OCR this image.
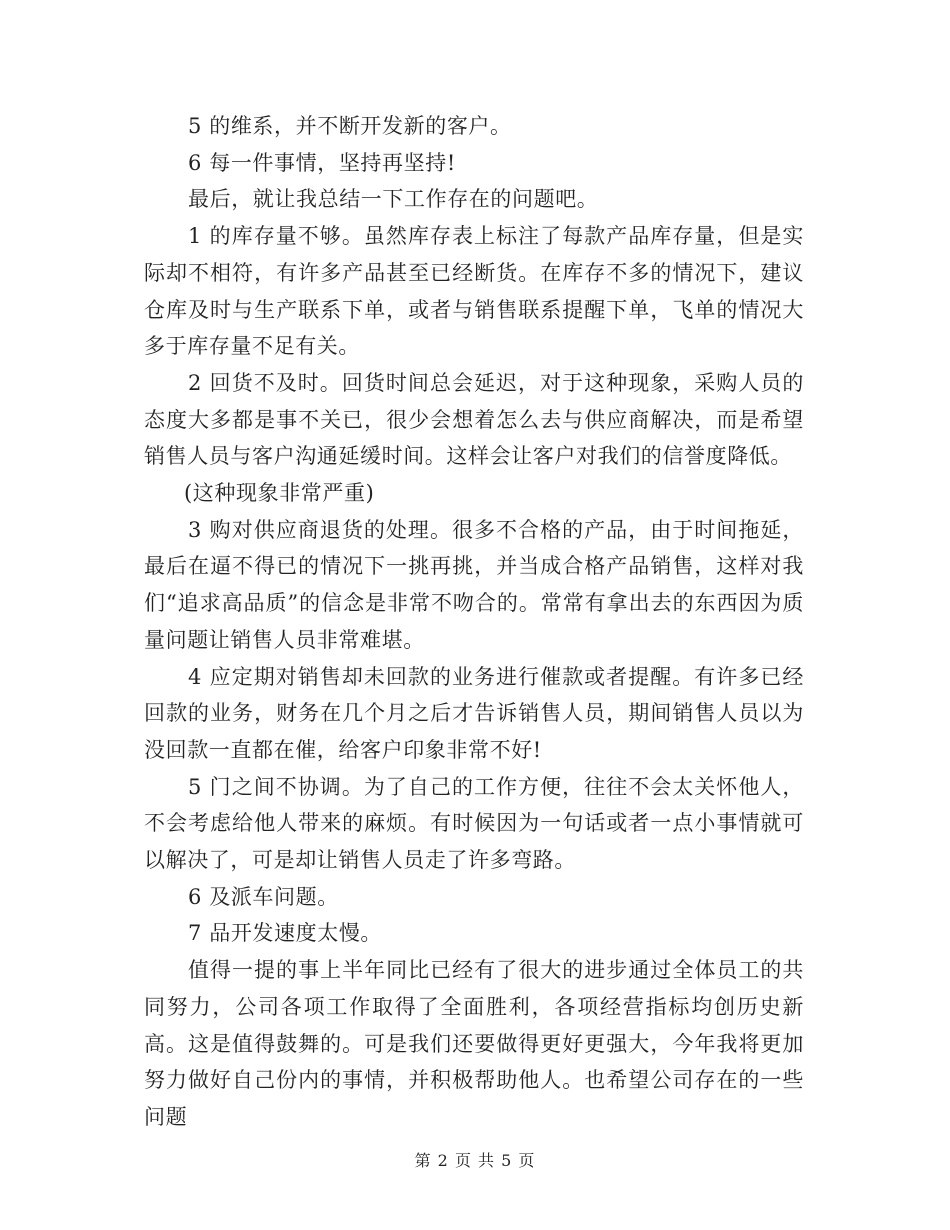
5 的维系，并不断开发新的客户。

6 每一件事情，坚持再坚持!

最后，就让我总结一下工作存在的问题吧。

1 的库存量不够。虽然库存表上标注了每款产品库存量，但是实际却不相符，有许多产品甚至已经断货。在库存不多的情况下，建议仓库及时与生产联系下单，或者与销售联系提醒下单，飞单的情况大多于库存量不足有关。

2 回货不及时。回货时间总会延迟，对于这种现象，采购人员的态度大多都是事不关已，很少会想着怎么去与供应商解决，而是希望销售人员与客户沟通延缓时间。这样会让客户对我们的信誉度降低。

(这种现象非常严重)

3 购对供应商退货的处理。很多不合格的产品，由于时间拖延，最后在逼不得已的情况下一挑再挑，并当成合格产品销售，这样对我们“追求高品质”的信念是非常不吻合的。常常有拿出去的东西因为质量问题让销售人员非常难堪。

4 应定期对销售却未回款的业务进行催款或者提醒。有许多已经回款的业务，财务在几个月之后才告诉销售人员，期间销售人员以为没回款一直都在催，给客户印象非常不好!

5 门之间不协调。为了自己的工作方便，往往不会太关怀他人，不会考虑给他人带来的麻烦。有时候因为一句话或者一点小事情就可以解决了，可是却让销售人员走了许多弯路。

6 及派车问题。

7 品开发速度太慢。

值得一提的事上半年同比已经有了很大的进步通过全体员工的共同努力，公司各项工作取得了全面胜利，各项经营指标均创历史新高。这是值得鼓舞的。可是我们还要做得更好更强大，今年我将更加努力做好自己份内的事情，并积极帮助他人。也希望公司存在的一些问题

第 2 页 共 5 页
